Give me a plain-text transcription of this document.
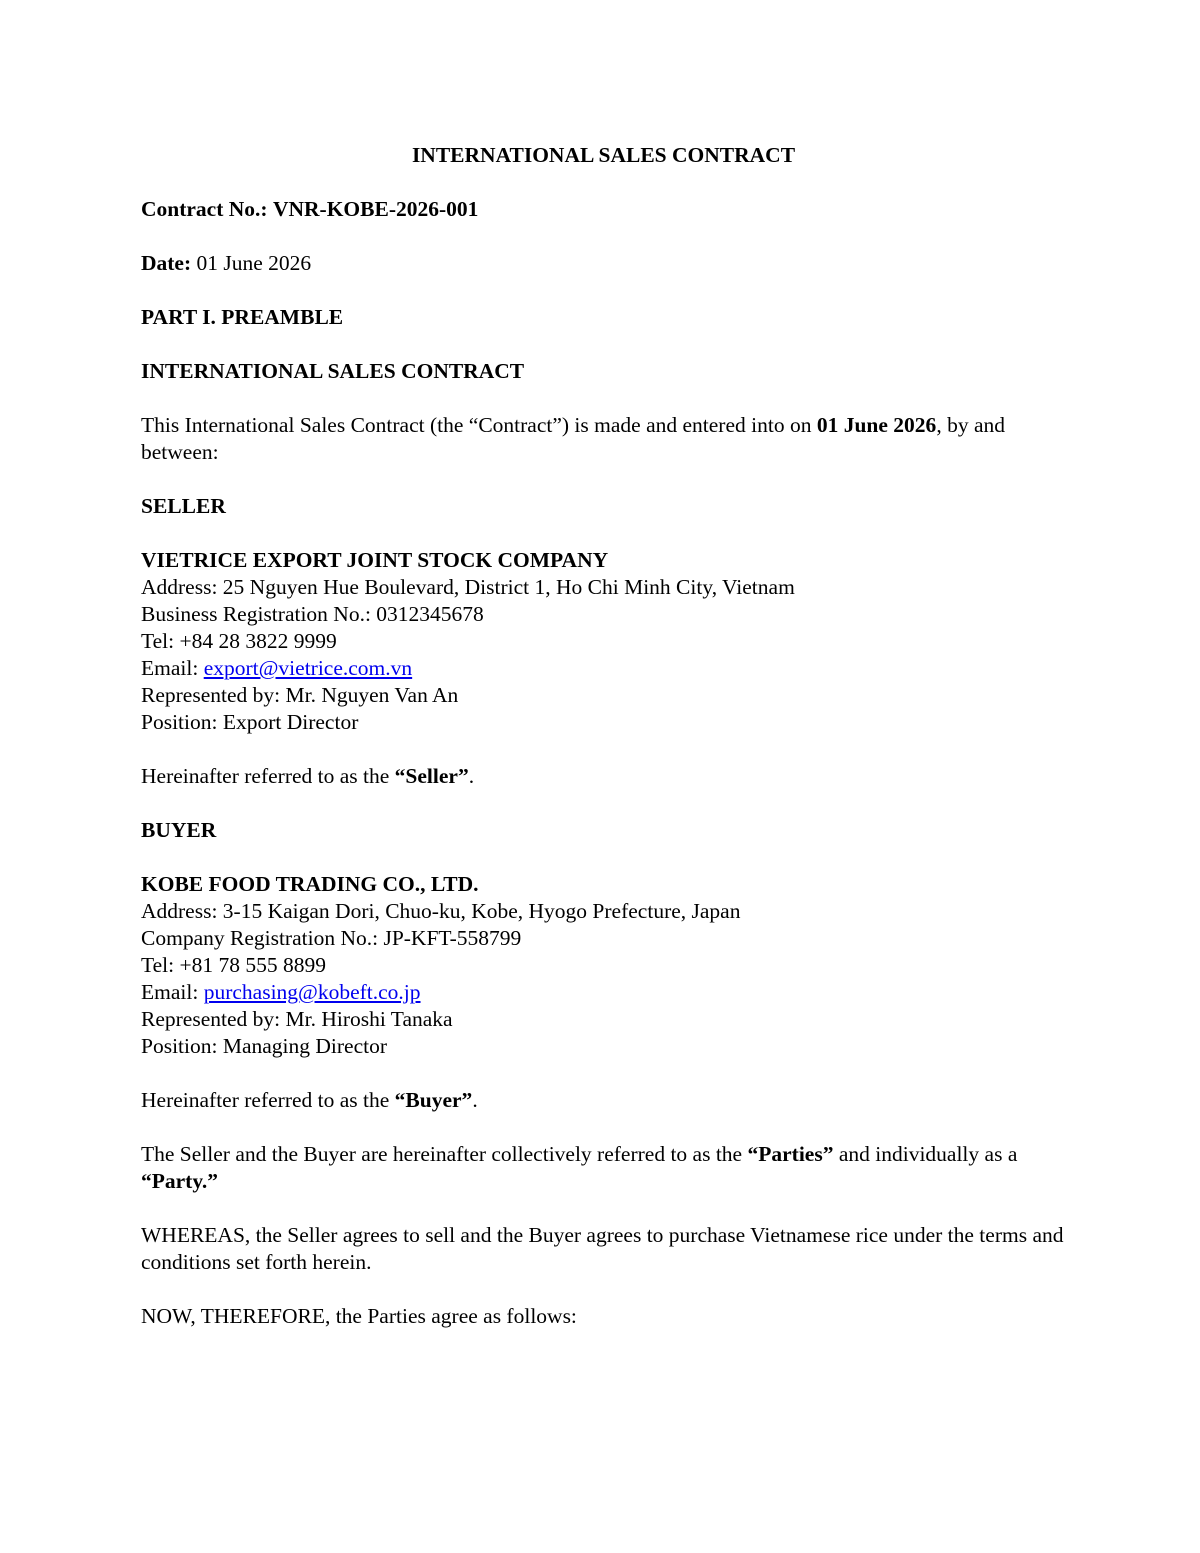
INTERNATIONAL SALES CONTRACT

Contract No.: VNR-KOBE-2026-001

Date: 01 June 2026

PART I. PREAMBLE

INTERNATIONAL SALES CONTRACT

This International Sales Contract (the “Contract”) is made and entered into on 01 June 2026, by and between:

SELLER

VIETRICE EXPORT JOINT STOCK COMPANY

Address: 25 Nguyen Hue Boulevard, District 1, Ho Chi Minh City, Vietnam

Business Registration No.: 0312345678

Tel: +84 28 3822 9999

Email: export@vietrice.com.vn

Represented by: Mr. Nguyen Van An

Position: Export Director

Hereinafter referred to as the “Seller”.

BUYER

KOBE FOOD TRADING CO., LTD.

Address: 3-15 Kaigan Dori, Chuo-ku, Kobe, Hyogo Prefecture, Japan

Company Registration No.: JP-KFT-558799

Tel: +81 78 555 8899

Email: purchasing@kobeft.co.jp

Represented by: Mr. Hiroshi Tanaka

Position: Managing Director

Hereinafter referred to as the “Buyer”.

The Seller and the Buyer are hereinafter collectively referred to as the “Parties” and individually as a “Party.”

WHEREAS, the Seller agrees to sell and the Buyer agrees to purchase Vietnamese rice under the terms and conditions set forth herein.

NOW, THEREFORE, the Parties agree as follows:
